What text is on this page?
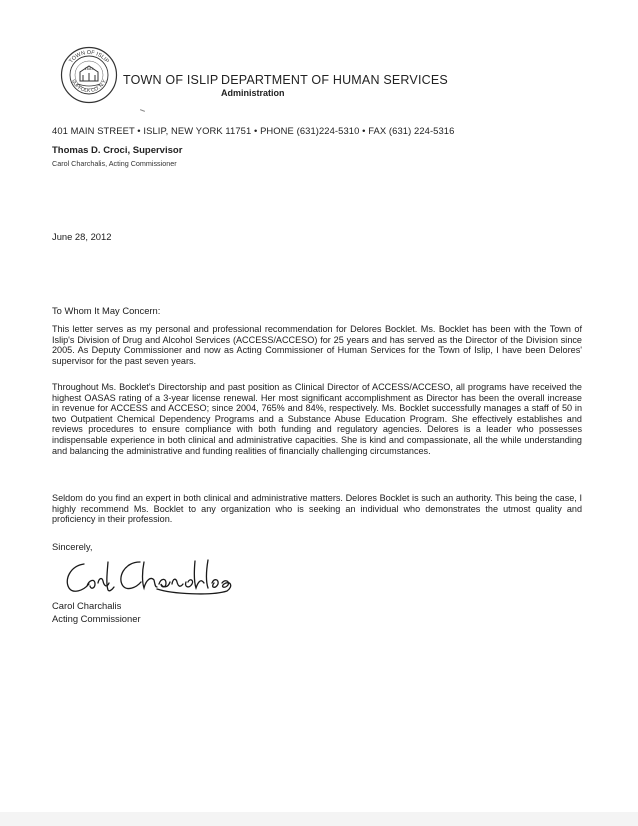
TOWN OF ISLIP
SUFFOLK CO. N.Y.
1683
TOWN OF ISLIP DEPARTMENT OF HUMAN SERVICES
Administration
401 MAIN STREET • ISLIP, NEW YORK 11751 • PHONE (631)224-5310 • FAX (631) 224-5316
Thomas D. Croci, Supervisor
Carol Charchalis, Acting Commissioner
June 28, 2012
To Whom It May Concern:

This letter serves as my personal and professional recommendation for Delores Bocklet. Ms. Bocklet has been with the Town of Islip's Division of Drug and Alcohol Services (ACCESS/ACCESO) for 25 years and has served as the Director of the Division since 2005. As Deputy Commissioner and now as Acting Commissioner of Human Services for the Town of Islip, I have been Delores' supervisor for the past seven years.

Throughout Ms. Bocklet's Directorship and past position as Clinical Director of ACCESS/ACCESO, all programs have received the highest OASAS rating of a 3-year license renewal. Her most significant accomplishment as Director has been the overall increase in revenue for ACCESS and ACCESO; since 2004, 765% and 84%, respectively. Ms. Bocklet successfully manages a staff of 50 in two Outpatient Chemical Dependency Programs and a Substance Abuse Education Program. She effectively establishes and reviews procedures to ensure compliance with both funding and regulatory agencies. Delores is a leader who possesses indispensable experience in both clinical and administrative capacities. She is kind and compassionate, all the while understanding and balancing the administrative and funding realities of financially challenging circumstances.

Seldom do you find an expert in both clinical and administrative matters. Delores Bocklet is such an authority. This being the case, I highly recommend Ms. Bocklet to any organization who is seeking an individual who demonstrates the utmost quality and proficiency in their profession.

Sincerely,
Carol Charchalis
Acting Commissioner
